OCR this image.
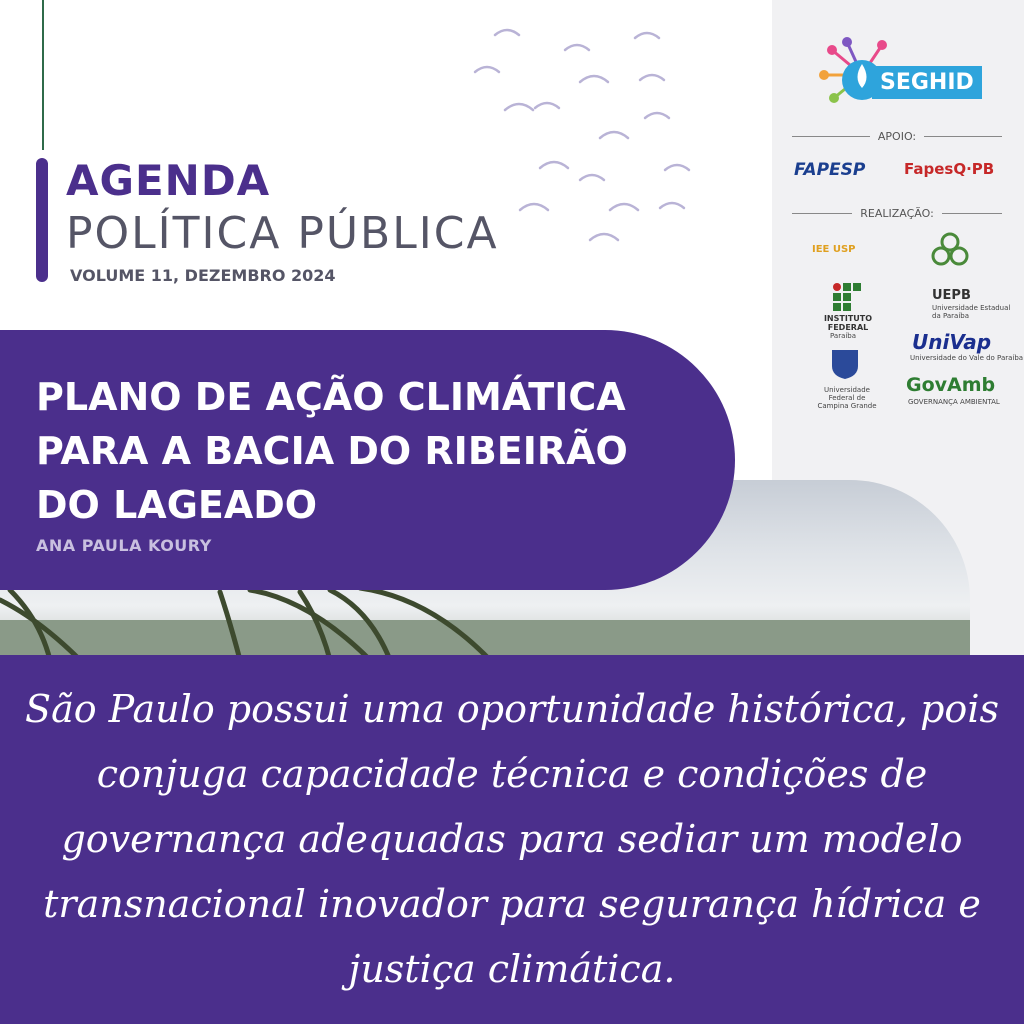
AGENDA
POLÍTICA PÚBLICA
VOLUME 11, DEZEMBRO 2024
SEGHID
APOIO:
FAPESP	FapesQ·PB
REALIZAÇÃO:
IEE USP
INSTITUTO FEDERAL
Paraíba
UEPB
Universidade Estadual da Paraíba
Universidade Federal de Campina Grande
UniVap
Universidade do Vale do Paraíba
GovAmb
GOVERNANÇA AMBIENTAL
PLANO DE AÇÃO CLIMÁTICA PARA A BACIA DO RIBEIRÃO DO LAGEADO
ANA PAULA KOURY
São Paulo possui uma oportunidade histórica, pois conjuga capacidade técnica e condições de governança adequadas para sediar um modelo transnacional inovador para segurança hídrica e justiça climática.
